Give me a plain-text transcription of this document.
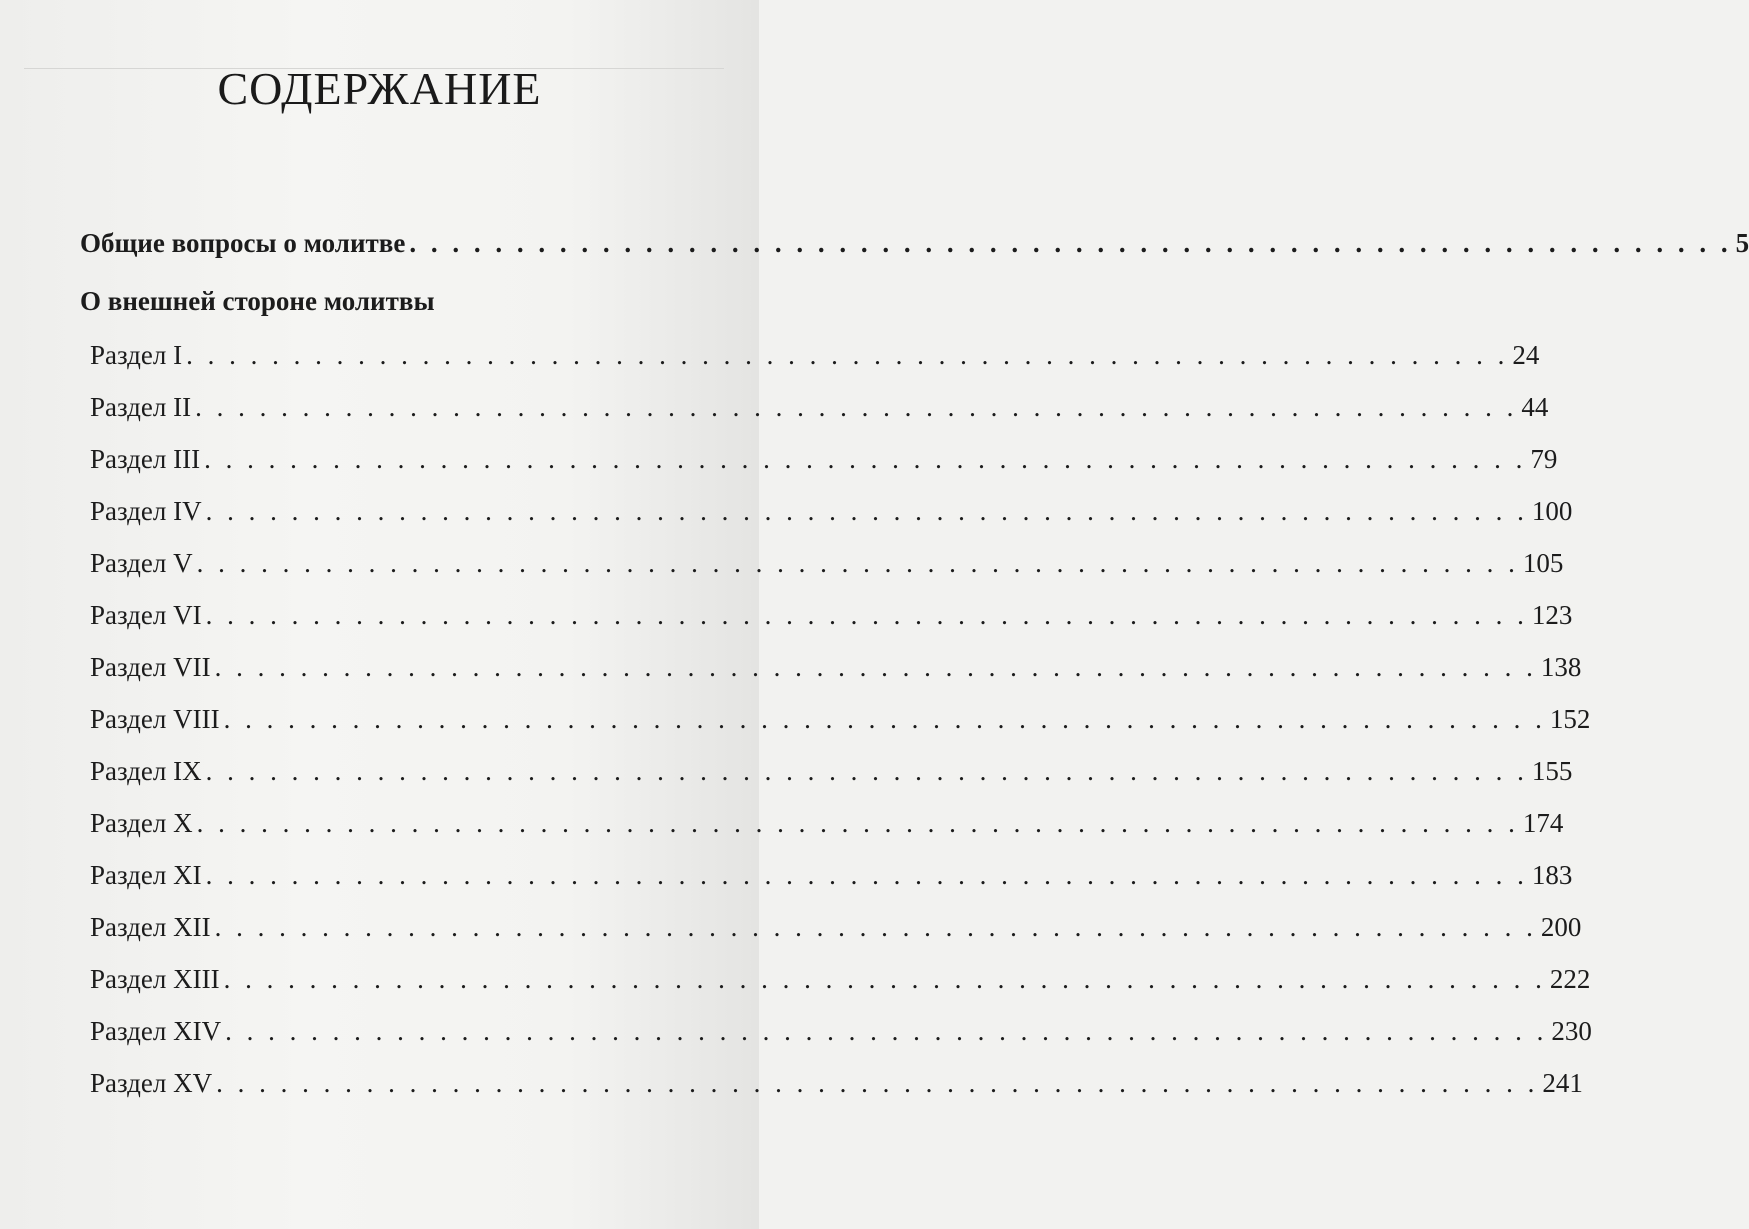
СОДЕРЖАНИЕ
Общие вопросы о молитве . . . . . . . . . . . . . . . . . . . . . . . . . . . . . . . . . . . . . . . . . . . . . . . . . . . . . . . . . . . . . . 5
О внешней стороне молитвы
Раздел I . . . . . . . . . . . . . . . . . . . . . . . . . . . . . . . . . . . . . . . . . . . . . . . . . . . . . . . . . . . . . . 24
Раздел II . . . . . . . . . . . . . . . . . . . . . . . . . . . . . . . . . . . . . . . . . . . . . . . . . . . . . . . . . . . . . . 44
Раздел III . . . . . . . . . . . . . . . . . . . . . . . . . . . . . . . . . . . . . . . . . . . . . . . . . . . . . . . . . . . . . . 79
Раздел IV . . . . . . . . . . . . . . . . . . . . . . . . . . . . . . . . . . . . . . . . . . . . . . . . . . . . . . . . . . . . . . 100
Раздел V . . . . . . . . . . . . . . . . . . . . . . . . . . . . . . . . . . . . . . . . . . . . . . . . . . . . . . . . . . . . . . 105
Раздел VI . . . . . . . . . . . . . . . . . . . . . . . . . . . . . . . . . . . . . . . . . . . . . . . . . . . . . . . . . . . . . . 123
Раздел VII . . . . . . . . . . . . . . . . . . . . . . . . . . . . . . . . . . . . . . . . . . . . . . . . . . . . . . . . . . . . . . 138
Раздел VIII . . . . . . . . . . . . . . . . . . . . . . . . . . . . . . . . . . . . . . . . . . . . . . . . . . . . . . . . . . . . . . 152
Раздел IX . . . . . . . . . . . . . . . . . . . . . . . . . . . . . . . . . . . . . . . . . . . . . . . . . . . . . . . . . . . . . . 155
Раздел X . . . . . . . . . . . . . . . . . . . . . . . . . . . . . . . . . . . . . . . . . . . . . . . . . . . . . . . . . . . . . . 174
Раздел XI . . . . . . . . . . . . . . . . . . . . . . . . . . . . . . . . . . . . . . . . . . . . . . . . . . . . . . . . . . . . . . 183
Раздел XII . . . . . . . . . . . . . . . . . . . . . . . . . . . . . . . . . . . . . . . . . . . . . . . . . . . . . . . . . . . . . . 200
Раздел XIII . . . . . . . . . . . . . . . . . . . . . . . . . . . . . . . . . . . . . . . . . . . . . . . . . . . . . . . . . . . . . . 222
Раздел XIV . . . . . . . . . . . . . . . . . . . . . . . . . . . . . . . . . . . . . . . . . . . . . . . . . . . . . . . . . . . . . . 230
Раздел XV . . . . . . . . . . . . . . . . . . . . . . . . . . . . . . . . . . . . . . . . . . . . . . . . . . . . . . . . . . . . . . 241
